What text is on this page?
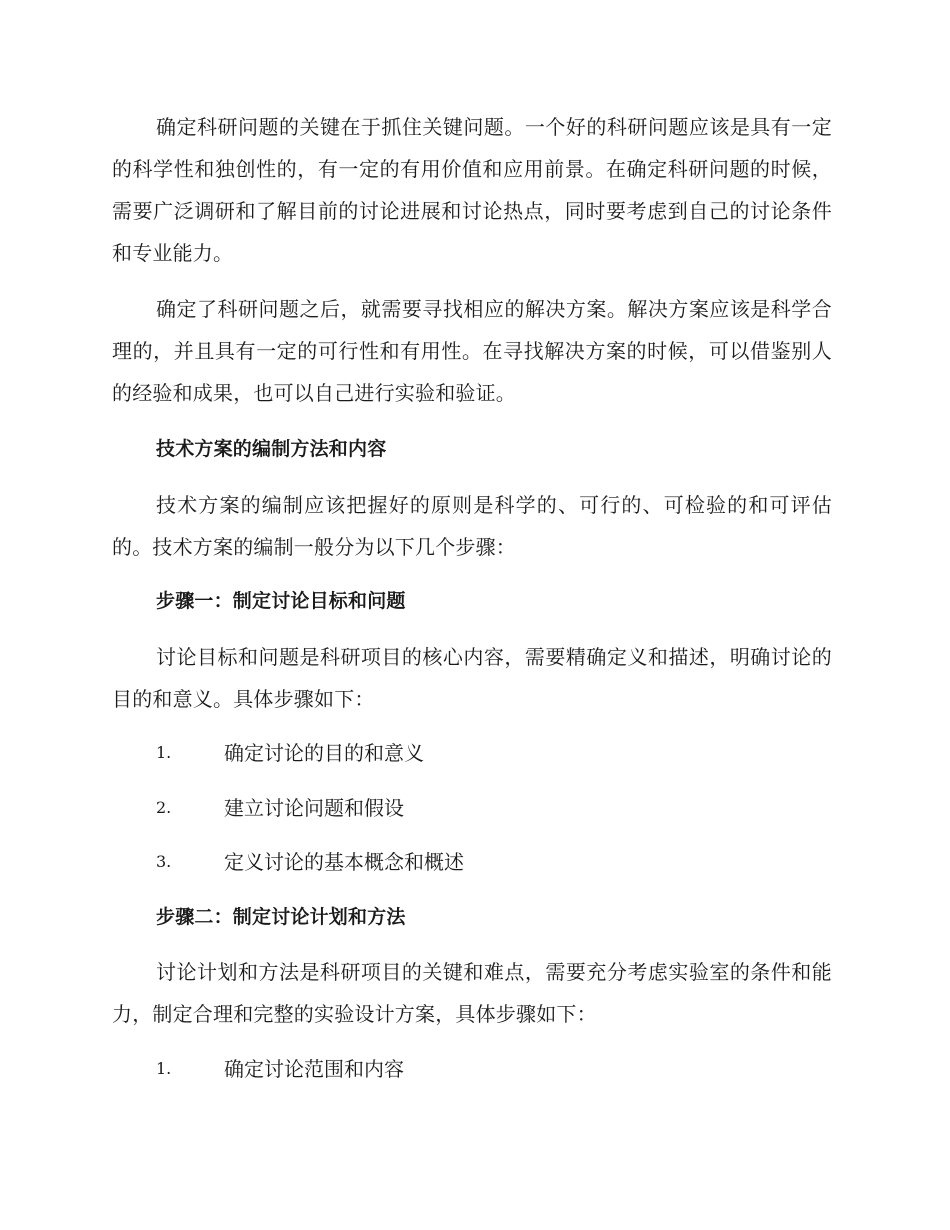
确定科研问题的关键在于抓住关键问题。一个好的科研问题应该是具有一定的科学性和独创性的，有一定的有用价值和应用前景。在确定科研问题的时候，需要广泛调研和了解目前的讨论进展和讨论热点，同时要考虑到自己的讨论条件和专业能力。

确定了科研问题之后，就需要寻找相应的解决方案。解决方案应该是科学合理的，并且具有一定的可行性和有用性。在寻找解决方案的时候，可以借鉴别人的经验和成果，也可以自己进行实验和验证。

技术方案的编制方法和内容

技术方案的编制应该把握好的原则是科学的、可行的、可检验的和可评估的。技术方案的编制一般分为以下几个步骤：

步骤一：制定讨论目标和问题

讨论目标和问题是科研项目的核心内容，需要精确定义和描述，明确讨论的目的和意义。具体步骤如下：

1.	确定讨论的目的和意义
2.	建立讨论问题和假设
3.	定义讨论的基本概念和概述

步骤二：制定讨论计划和方法

讨论计划和方法是科研项目的关键和难点，需要充分考虑实验室的条件和能力，制定合理和完整的实验设计方案，具体步骤如下：

1.	确定讨论范围和内容
